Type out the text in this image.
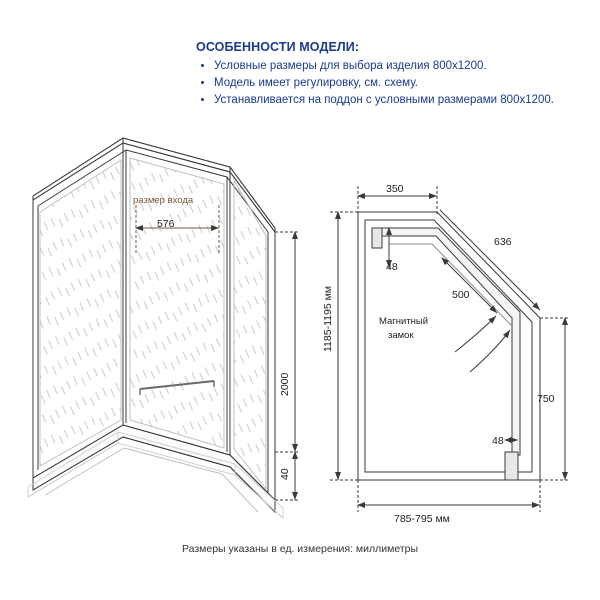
ОСОБЕННОСТИ МОДЕЛИ:

• Условные размеры для выбора изделия 800х1200.
• Модель имеет регулировку, см. схему.
• Устанавливается на поддон с условными размерами 800х1200.
размер входа
576
2000
40
350
636
48
500
Магнитный
замок
750
48
785-795 мм
1185-1195 мм
Размеры указаны в ед. измерения: миллиметры
